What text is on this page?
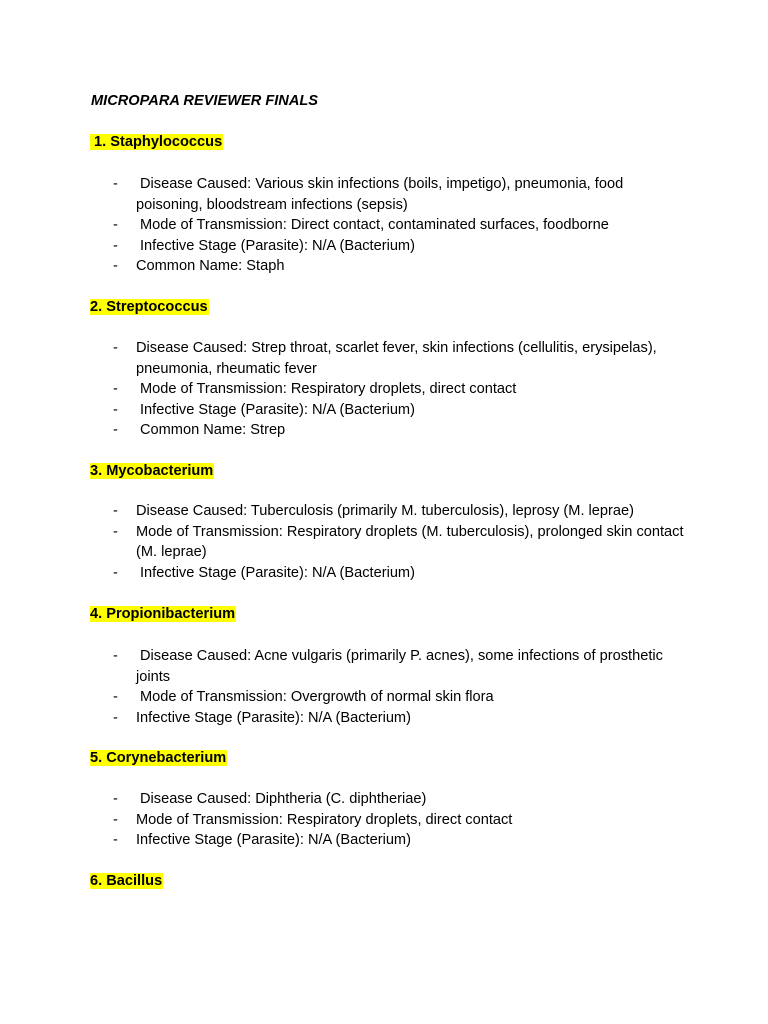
MICROPARA REVIEWER FINALS
1. Staphylococcus
- Disease Caused: Various skin infections (boils, impetigo), pneumonia, food poisoning, bloodstream infections (sepsis)
- Mode of Transmission: Direct contact, contaminated surfaces, foodborne
- Infective Stage (Parasite): N/A (Bacterium)
- Common Name: Staph
2. Streptococcus
- Disease Caused: Strep throat, scarlet fever, skin infections (cellulitis, erysipelas), pneumonia, rheumatic fever
- Mode of Transmission: Respiratory droplets, direct contact
- Infective Stage (Parasite): N/A (Bacterium)
- Common Name: Strep
3. Mycobacterium
- Disease Caused: Tuberculosis (primarily M. tuberculosis), leprosy (M. leprae)
- Mode of Transmission: Respiratory droplets (M. tuberculosis), prolonged skin contact (M. leprae)
- Infective Stage (Parasite): N/A (Bacterium)
4. Propionibacterium
- Disease Caused: Acne vulgaris (primarily P. acnes), some infections of prosthetic joints
- Mode of Transmission: Overgrowth of normal skin flora
- Infective Stage (Parasite): N/A (Bacterium)
5. Corynebacterium
- Disease Caused: Diphtheria (C. diphtheriae)
- Mode of Transmission: Respiratory droplets, direct contact
- Infective Stage (Parasite): N/A (Bacterium)
6. Bacillus
